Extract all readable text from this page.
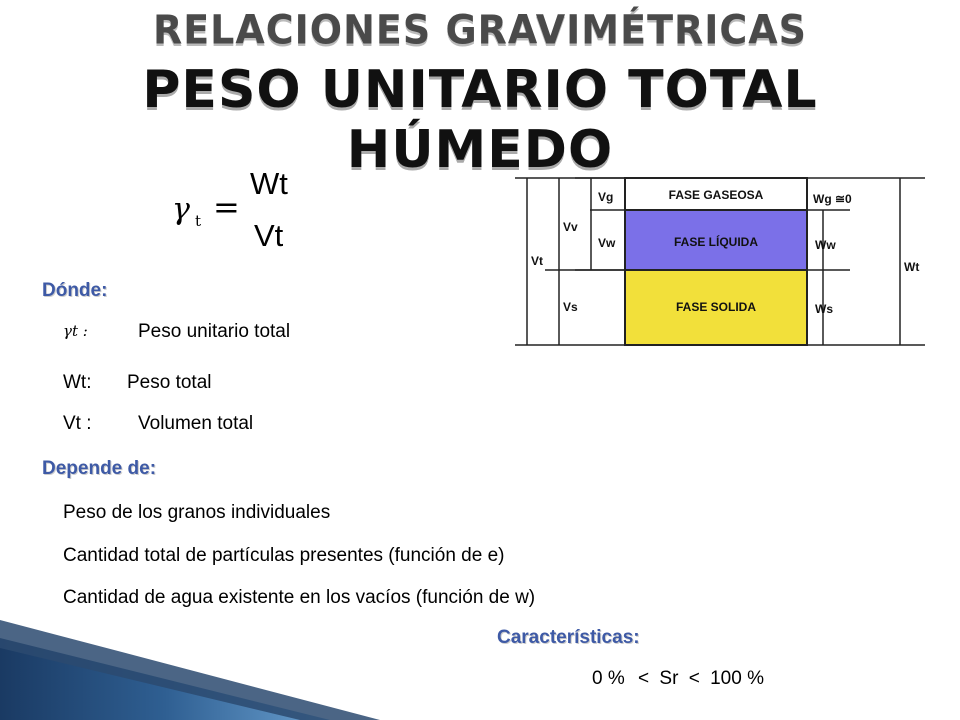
RELACIONES GRAVIMÉTRICAS
PESO UNITARIO TOTAL HÚMEDO
γ t =
Wt
Vt
FASE GASEOSA
FASE LÍQUIDA
FASE SOLIDA
Vg
Vw
Vv
Vs
Vt
Wg ≅0
Ww
Ws
Wt
Dónde:
γt :	Peso unitario total
Wt: Peso total
Vt : Volumen total
Depende de:
Peso de los granos individuales
Cantidad total de partículas presentes (función de e)
Cantidad de agua existente en los vacíos (función de w)
Características:
0 % < Sr < 100 %
